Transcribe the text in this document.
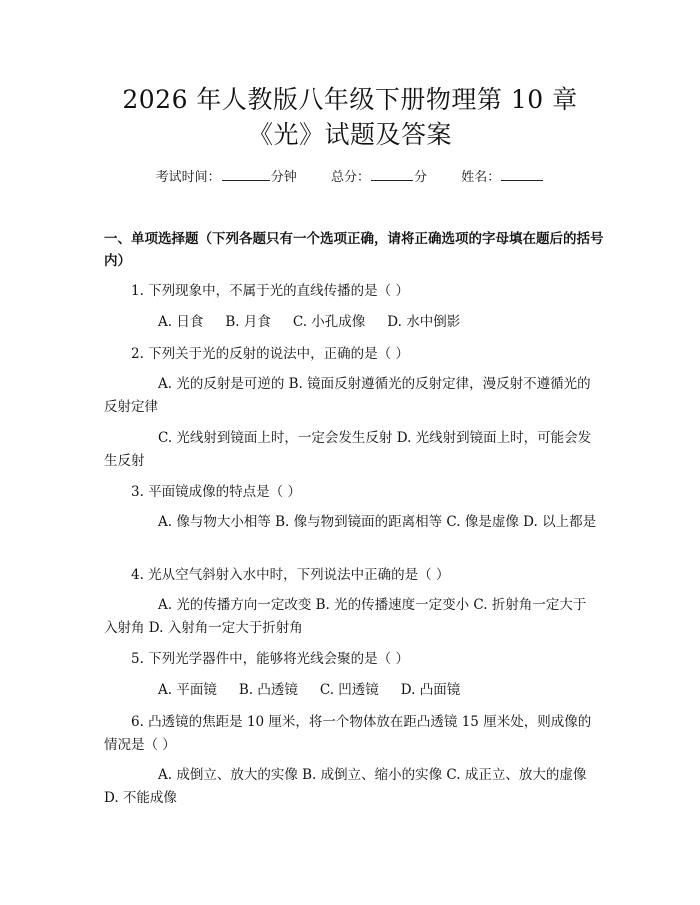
2026 年人教版八年级下册物理第 10 章
《光》试题及答案
考试时间：	分钟	总分：	分	姓名：
一、单项选择题（下列各题只有一个选项正确，请将正确选项的字母填在题后的括号内）
1. 下列现象中，不属于光的直线传播的是（ ）
A. 日食 B. 月食 C. 小孔成像 D. 水中倒影
2. 下列关于光的反射的说法中，正确的是（ ）
A. 光的反射是可逆的 B. 镜面反射遵循光的反射定律，漫反射不遵循光的反射定律
C. 光线射到镜面上时，一定会发生反射 D. 光线射到镜面上时，可能会发生反射
3. 平面镜成像的特点是（ ）
A. 像与物大小相等 B. 像与物到镜面的距离相等 C. 像是虚像 D. 以上都是
4. 光从空气斜射入水中时，下列说法中正确的是（ ）
A. 光的传播方向一定改变 B. 光的传播速度一定变小 C. 折射角一定大于入射角 D. 入射角一定大于折射角
5. 下列光学器件中，能够将光线会聚的是（ ）
A. 平面镜 B. 凸透镜 C. 凹透镜 D. 凸面镜
6. 凸透镜的焦距是 10 厘米，将一个物体放在距凸透镜 15 厘米处，则成像的情况是（ ）
A. 成倒立、放大的实像 B. 成倒立、缩小的实像 C. 成正立、放大的虚像 D. 不能成像
